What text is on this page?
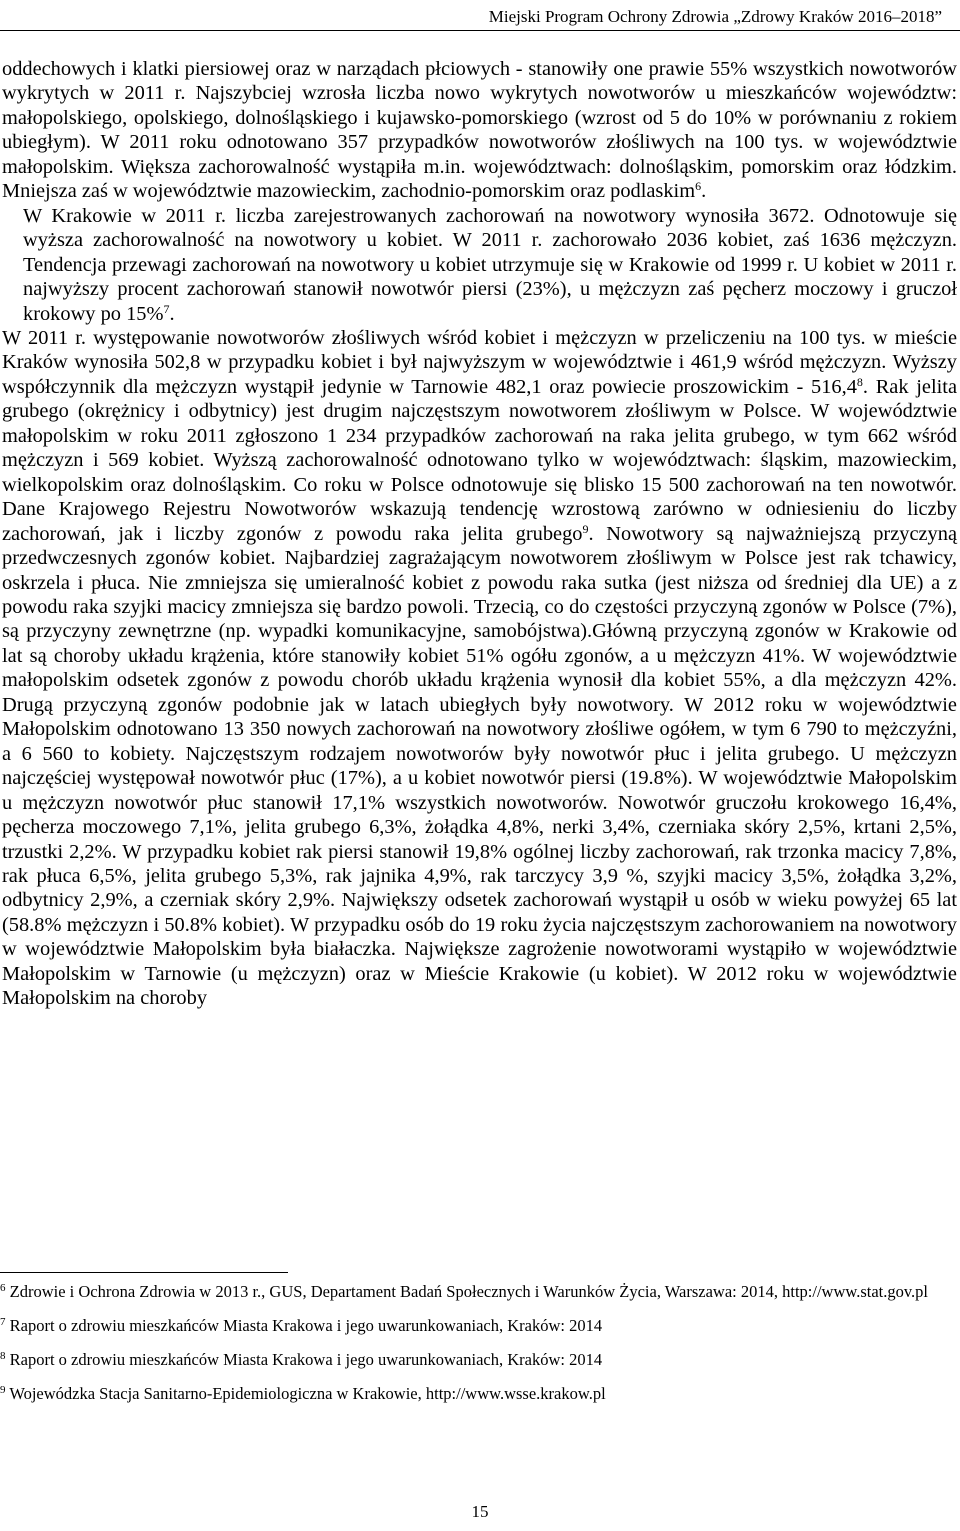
Miejski Program Ochrony Zdrowia „Zdrowy Kraków 2016–2018”

oddechowych i klatki piersiowej oraz w narządach płciowych - stanowiły one prawie 55% wszystkich nowotworów wykrytych w 2011 r. Najszybciej wzrosła liczba nowo wykrytych nowotworów u mieszkańców województw: małopolskiego, opolskiego, dolnośląskiego i kujawsko-pomorskiego (wzrost od 5 do 10% w porównaniu z rokiem ubiegłym). W 2011 roku odnotowano 357 przypadków nowotworów złośliwych na 100 tys. w województwie małopolskim. Większa zachorowalność wystąpiła m.in. województwach: dolnośląskim, pomorskim oraz łódzkim. Mniejsza zaś w województwie mazowieckim, zachodnio-pomorskim oraz podlaskim$^6$.

W Krakowie w 2011 r. liczba zarejestrowanych zachorowań na nowotwory wynosiła 3672. Odnotowuje się wyższa zachorowalność na nowotwory u kobiet. W 2011 r. zachorowało 2036 kobiet, zaś 1636 mężczyzn. Tendencja przewagi zachorowań na nowotwory u kobiet utrzymuje się w Krakowie od 1999 r. U kobiet w 2011 r. najwyższy procent zachorowań stanowił nowotwór piersi (23%), u mężczyzn zaś pęcherz moczowy i gruczoł krokowy po 15%$^7$.

W 2011 r. występowanie nowotworów złośliwych wśród kobiet i mężczyzn w przeliczeniu na 100 tys. w mieście Kraków wynosiła 502,8 w przypadku kobiet i był najwyższym w województwie i 461,9 wśród mężczyzn. Wyższy współczynnik dla mężczyzn wystąpił jedynie w Tarnowie 482,1 oraz powiecie proszowickim - 516,4$^8$. Rak jelita grubego (okrężnicy i odbytnicy) jest drugim najczęstszym nowotworem złośliwym w Polsce. W województwie małopolskim w roku 2011 zgłoszono 1 234 przypadków zachorowań na raka jelita grubego, w tym 662 wśród mężczyzn i 569 kobiet. Wyższą zachorowalność odnotowano tylko w województwach: śląskim, mazowieckim, wielkopolskim oraz dolnośląskim. Co roku w Polsce odnotowuje się blisko 15 500 zachorowań na ten nowotwór. Dane Krajowego Rejestru Nowotworów wskazują tendencję wzrostową zarówno w odniesieniu do liczby zachorowań, jak i liczby zgonów z powodu raka jelita grubego$^9$. Nowotwory są najważniejszą przyczyną przedwczesnych zgonów kobiet. Najbardziej zagrażającym nowotworem złośliwym w Polsce jest rak tchawicy, oskrzela i płuca. Nie zmniejsza się umieralność kobiet z powodu raka sutka (jest niższa od średniej dla UE) a z powodu raka szyjki macicy zmniejsza się bardzo powoli. Trzecią, co do częstości przyczyną zgonów w Polsce (7%), są przyczyny zewnętrzne (np. wypadki komunikacyjne, samobójstwa).Główną przyczyną zgonów w Krakowie od lat są choroby układu krążenia, które stanowiły kobiet 51% ogółu zgonów, a u mężczyzn 41%. W województwie małopolskim odsetek zgonów z powodu chorób układu krążenia wynosił dla kobiet 55%, a dla mężczyzn 42%. Drugą przyczyną zgonów podobnie jak w latach ubiegłych były nowotwory. W 2012 roku w województwie Małopolskim odnotowano 13 350 nowych zachorowań na nowotwory złośliwe ogółem, w tym 6 790 to mężczyźni, a 6 560 to kobiety. Najczęstszym rodzajem nowotworów były nowotwór płuc i jelita grubego. U mężczyzn najczęściej występował nowotwór płuc (17%), a u kobiet nowotwór piersi (19.8%). W województwie Małopolskim u mężczyzn nowotwór płuc stanowił 17,1% wszystkich nowotworów. Nowotwór gruczołu krokowego 16,4%, pęcherza moczowego 7,1%, jelita grubego 6,3%, żołądka 4,8%, nerki 3,4%, czerniaka skóry 2,5%, krtani 2,5%, trzustki 2,2%. W przypadku kobiet rak piersi stanowił 19,8% ogólnej liczby zachorowań, rak trzonka macicy 7,8%, rak płuca 6,5%, jelita grubego 5,3%, rak jajnika 4,9%, rak tarczycy 3,9 %, szyjki macicy 3,5%, żołądka 3,2%, odbytnicy 2,9%, a czerniak skóry 2,9%. Największy odsetek zachorowań wystąpił u osób w wieku powyżej 65 lat (58.8% mężczyzn i 50.8% kobiet). W przypadku osób do 19 roku życia najczęstszym zachorowaniem na nowotwory w województwie Małopolskim była białaczka. Największe zagrożenie nowotworami wystąpiło w województwie Małopolskim w Tarnowie (u mężczyzn) oraz w Mieście Krakowie (u kobiet). W 2012 roku w województwie Małopolskim na choroby

$^6$ Zdrowie i Ochrona Zdrowia w 2013 r., GUS, Departament Badań Społecznych i Warunków Życia, Warszawa: 2014, http://www.stat.gov.pl

$^7$ Raport o zdrowiu mieszkańców Miasta Krakowa i jego uwarunkowaniach, Kraków: 2014

$^8$ Raport o zdrowiu mieszkańców Miasta Krakowa i jego uwarunkowaniach, Kraków: 2014

$^9$ Wojewódzka Stacja Sanitarno-Epidemiologiczna w Krakowie, http://www.wsse.krakow.pl

15
